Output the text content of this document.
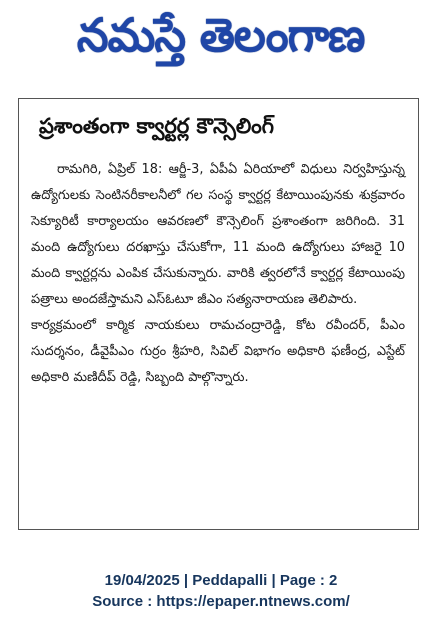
నమస్తే తెలంగాణ
ప్రశాంతంగా క్వార్టర్ల కౌన్సెలింగ్

రామగిరి, ఏప్రిల్ 18: ఆర్జీ-3, ఏపీఏ ఏరియాలో విధులు నిర్వహిస్తున్న ఉద్యోగులకు సెంటినరీకాలనీలో గల సంస్థ క్వార్టర్ల కేటాయింపునకు శుక్రవారం సెక్యూరిటీ కార్యాలయం ఆవరణలో కౌన్సెలింగ్ ప్రశాంతంగా జరిగింది. 31 మంది ఉద్యోగులు దరఖాస్తు చేసుకోగా, 11 మంది ఉద్యోగులు హాజరై 10 మంది క్వార్టర్లను ఎంపిక చేసుకున్నారు. వారికి త్వరలోనే క్వార్టర్ల కేటాయింపు పత్రాలు అందజేస్తామని ఎస్ఓటూ జీఎం సత్యనారాయణ తెలిపారు.

కార్యక్రమంలో కార్మిక నాయకులు రామచంద్రారెడ్డి, కోట రవీందర్, పీఎం సుదర్శనం, డీవైపీఎం గుర్రం శ్రీహరి, సివిల్ విభాగం అధికారి ఫణీంద్ర, ఎస్టేట్ అధికారి మణిదీప్ రెడ్డి, సిబ్బంది పాల్గొన్నారు.

19/04/2025 | Peddapalli | Page : 2
Source : https://epaper.ntnews.com/
